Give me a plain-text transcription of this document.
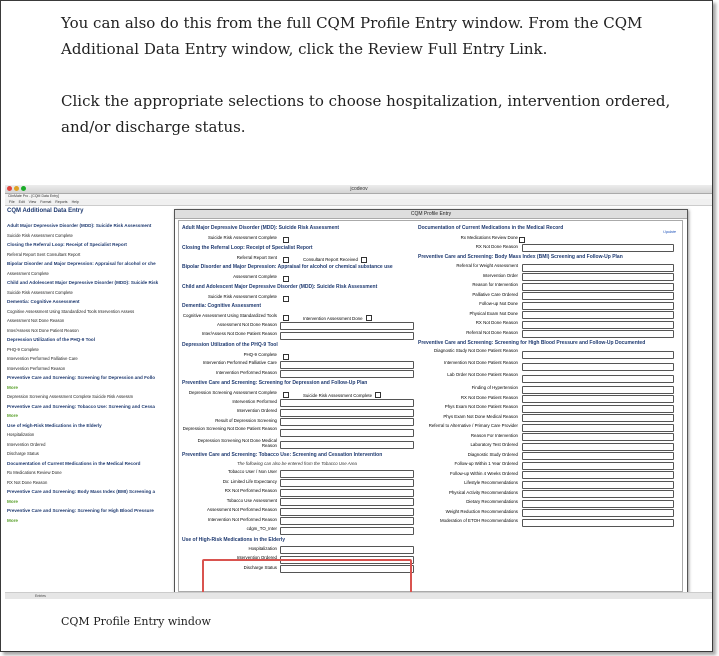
You can also do this from the full CQM Profile Entry window. From the CQM Additional Data Entry window, click the Review Full Entry Link.

Click the appropriate selections to choose hospitalization, intervention ordered, and/or discharge status.

jcodeov
ClinMate Pro - [CQM Data Entry]
File Edit View Format Reports Help
CQM Additional Data Entry
Adult Major Depressive Disorder (MDD): Suicide Risk Assessment
Suicide Risk Assessment Complete
Closing the Referral Loop: Receipt of Specialist Report
Referral Report Sent Consultant Report
Bipolar Disorder and Major Depression: Appraisal for alcohol or che
Assessment Complete
Child and Adolescent Major Depressive Disorder (MDD): Suicide Risk
Suicide Risk Assessment Complete
Dementia: Cognitive Assessment
Cognitive Assessment Using Standardized Tools Intervention Assess
Assessment Not Done Reason
Inter/Assess Not Done Patient Reason
Depression Utilization of the PHQ-9 Tool
PHQ-9 Complete
Intervention Performed Palliative Care
Intervention Performed Reason
Preventive Care and Screening: Screening for Depression and Follo
More
Depression Screening Assessment Complete Suicide Risk Assessm
Preventive Care and Screening: Tobacco Use: Screening and Cessa
More
Use of High-Risk Medications in the Elderly
Hospitalization
Intervention Ordered
Discharge Status
Documentation of Current Medications in the Medical Record
Rx Medications Review Done
RX Not Done Reason
Preventive Care and Screening: Body Mass Index (BMI) Screening a
More
Preventive Care and Screening: Screening for High Blood Pressure
More
CQM Profile Entry
Update
Adult Major Depressive Disorder (MDD): Suicide Risk Assessment
Suicide Risk Assessment Complete
Closing the Referral Loop: Receipt of Specialist Report
Referral Report Sent	Consultant Report Received
Bipolar Disorder and Major Depression: Appraisal for alcohol or chemical substance use
Assessment Complete
Child and Adolescent Major Depressive Disorder (MDD): Suicide Risk Assessment
Suicide Risk Assessment Complete
Dementia: Cognitive Assessment
Cognitive Assessment Using Standardized Tools	Intervention Assessment Done
Assessment Not Done Reason
Inter/Assess Not Done Patient Reason
Depression Utilization of the PHQ-9 Tool
PHQ-9 Complete
Intervention Performed Palliative Care
Intervention Performed Reason
Preventive Care and Screening: Screening for Depression and Follow-Up Plan
Depression Screening Assessment Complete	Suicide Risk Assessment Complete
Intervention Performed
Intervention Ordered
Result of Depression Screening
Depression Screening Not Done Patient Reason
Depression Screening Not Done Medical Reason
Preventive Care and Screening: Tobacco Use: Screening and Cessation Intervention
The following can also be entered from the Tobacco Use Area
Tobacco User / Non User
Dx: Limited Life Expectancy
RX Not Performed Reason
Tobacco Use Assessment
Assessment Not Performed Reason
Intervention Not Performed Reason
cdgm_TO_Inter
Use of High-Risk Medications in the Elderly
Hospitalization
Intervention Ordered
Discharge Status
Documentation of Current Medications in the Medical Record
Rx Medications Review Done
RX Not Done Reason
Preventive Care and Screening: Body Mass Index (BMI) Screening and Follow-Up Plan
Referral for Weight Assessment
Intervention Order
Reason for Intervention
Palliative Care Ordered
Follow-up Not Done
Physical Exam Not Done
RX Not Done Reason
Referral Not Done Reason
Preventive Care and Screening: Screening for High Blood Pressure and Follow-Up Documented
Diagnostic Study Not Done Patient Reason
Intervention Not Done Patient Reason
Lab Order Not Done Patient Reason
Finding of Hypertension
RX Not Done Patient Reason
Phys Exam Not Done Patient Reason
Phys Exam Not Done Medical Reason
Referral to Alternative / Primary Care Provider
Reason For Intervention
Laboratory Test Ordered
Diagnostic Study Ordered
Follow-up Within 1 Year Ordered
Follow-up Within 4 Weeks Ordered
Lifestyle Recommendations
Physical Activity Recommendations
Dietary Recommendations
Weight Reduction Recommendations
Moderation of ETOH Recommendations
Entries
CQM Profile Entry window
